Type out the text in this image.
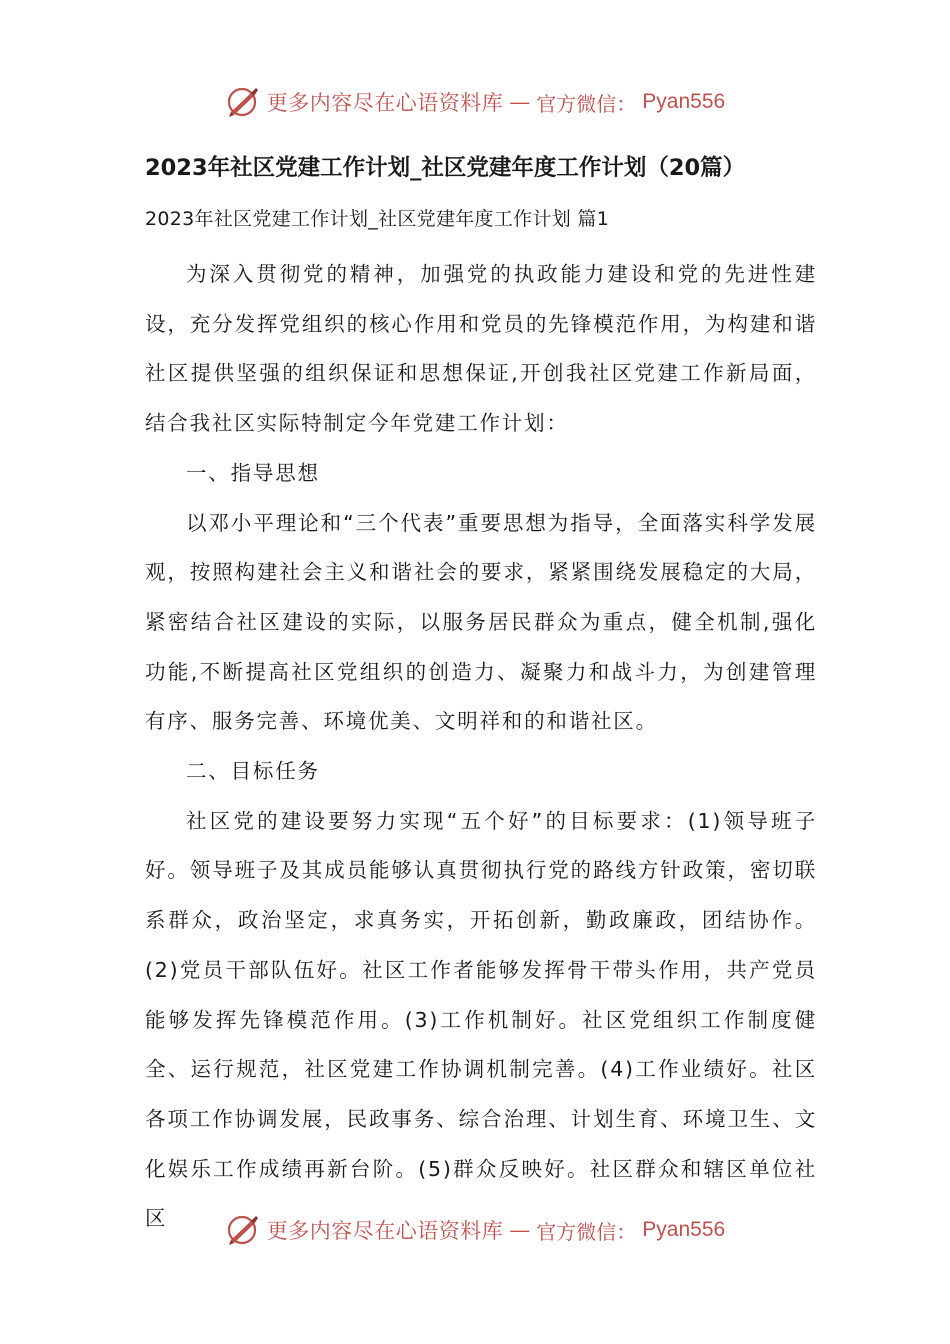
更多内容尽在心语资料库 — 官方微信： Pyan556
2023年社区党建工作计划_社区党建年度工作计划（20篇）
2023年社区党建工作计划_社区党建年度工作计划 篇1

为深入贯彻党的精神，加强党的执政能力建设和党的先进性建设，充分发挥党组织的核心作用和党员的先锋模范作用，为构建和谐社区提供坚强的组织保证和思想保证,开创我社区党建工作新局面，结合我社区实际特制定今年党建工作计划：

一、指导思想

以邓小平理论和“三个代表”重要思想为指导，全面落实科学发展观，按照构建社会主义和谐社会的要求，紧紧围绕发展稳定的大局，紧密结合社区建设的实际，以服务居民群众为重点，健全机制,强化功能,不断提高社区党组织的创造力、凝聚力和战斗力，为创建管理有序、服务完善、环境优美、文明祥和的和谐社区。

二、目标任务

社区党的建设要努力实现“五个好”的目标要求：(1)领导班子好。领导班子及其成员能够认真贯彻执行党的路线方针政策，密切联系群众，政治坚定，求真务实，开拓创新，勤政廉政，团结协作。(2)党员干部队伍好。社区工作者能够发挥骨干带头作用，共产党员能够发挥先锋模范作用。(3)工作机制好。社区党组织工作制度健全、运行规范，社区党建工作协调机制完善。(4)工作业绩好。社区各项工作协调发展，民政事务、综合治理、计划生育、环境卫生、文化娱乐工作成绩再新台阶。(5)群众反映好。社区群众和辖区单位社区

更多内容尽在心语资料库 — 官方微信： Pyan556
